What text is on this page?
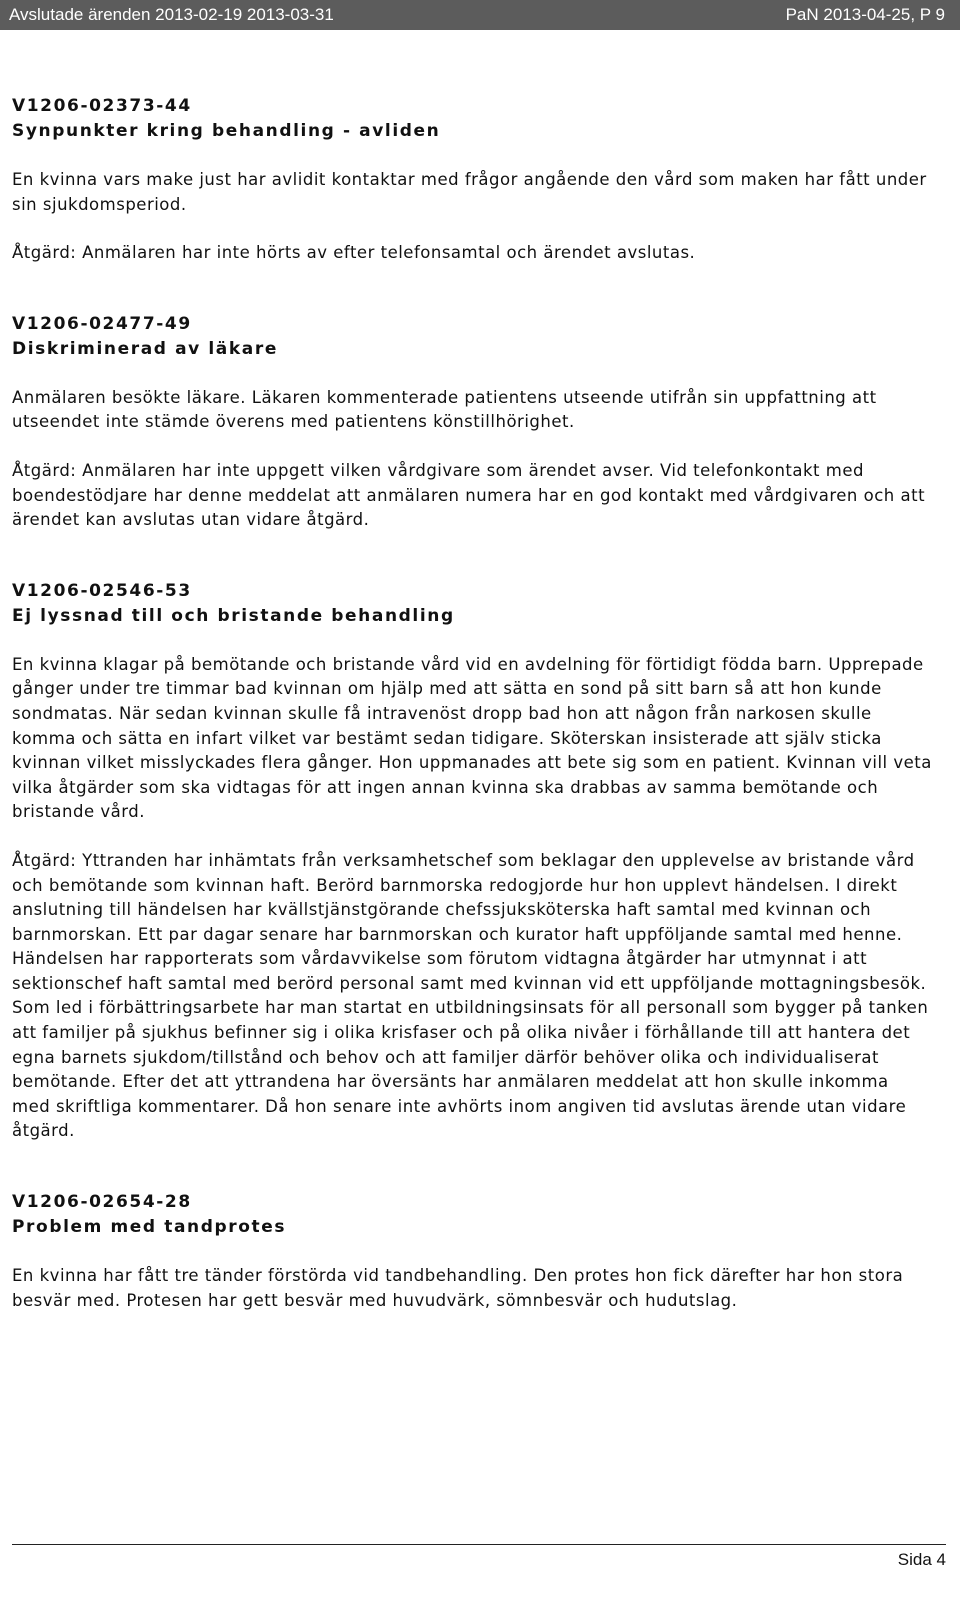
Avslutade ärenden 2013-02-19 2013-03-31	PaN 2013-04-25, P 9

V1206-02373-44

Synpunkter kring behandling - avliden

En kvinna vars make just har avlidit kontaktar med frågor angående den vård som maken har fått under sin sjukdomsperiod.

Åtgärd: Anmälaren har inte hörts av efter telefonsamtal och ärendet avslutas.

V1206-02477-49

Diskriminerad av läkare

Anmälaren besökte läkare. Läkaren kommenterade patientens utseende utifrån sin uppfattning att utseendet inte stämde överens med patientens könstillhörighet.

Åtgärd: Anmälaren har inte uppgett vilken vårdgivare som ärendet avser. Vid telefonkontakt med boendestödjare har denne meddelat att anmälaren numera har en god kontakt med vårdgivaren och att ärendet kan avslutas utan vidare åtgärd.

V1206-02546-53

Ej lyssnad till och bristande behandling

En kvinna klagar på bemötande och bristande vård vid en avdelning för förtidigt födda barn. Upprepade gånger under tre timmar bad kvinnan om hjälp med att sätta en sond på sitt barn så att hon kunde sondmatas. När sedan kvinnan skulle få intravenöst dropp bad hon att någon från narkosen skulle komma och sätta en infart vilket var bestämt sedan tidigare. Sköterskan insisterade att själv sticka kvinnan vilket misslyckades flera gånger. Hon uppmanades att bete sig som en patient. Kvinnan vill veta vilka åtgärder som ska vidtagas för att ingen annan kvinna ska drabbas av samma bemötande och bristande vård.

Åtgärd: Yttranden har inhämtats från verksamhetschef som beklagar den upplevelse av bristande vård och bemötande som kvinnan haft. Berörd barnmorska redogjorde hur hon upplevt händelsen. I direkt anslutning till händelsen har kvällstjänstgörande chefssjuksköterska haft samtal med kvinnan och barnmorskan. Ett par dagar senare har barnmorskan och kurator haft uppföljande samtal med henne. Händelsen har rapporterats som vårdavvikelse som förutom vidtagna åtgärder har utmynnat i att sektionschef haft samtal med berörd personal samt med kvinnan vid ett uppföljande mottagningsbesök. Som led i förbättringsarbete har man startat en utbildningsinsats för all personall som bygger på tanken att familjer på sjukhus befinner sig i olika krisfaser och på olika nivåer i förhållande till att hantera det egna barnets sjukdom/tillstånd och behov och att familjer därför behöver olika och individualiserat bemötande. Efter det att yttrandena har översänts har anmälaren meddelat att hon skulle inkomma med skriftliga kommentarer. Då hon senare inte avhörts inom angiven tid avslutas ärende utan vidare åtgärd.

V1206-02654-28

Problem med tandprotes

En kvinna har fått tre tänder förstörda vid tandbehandling. Den protes hon fick därefter har hon stora besvär med. Protesen har gett besvär med huvudvärk, sömnbesvär och hudutslag.

Sida 4
